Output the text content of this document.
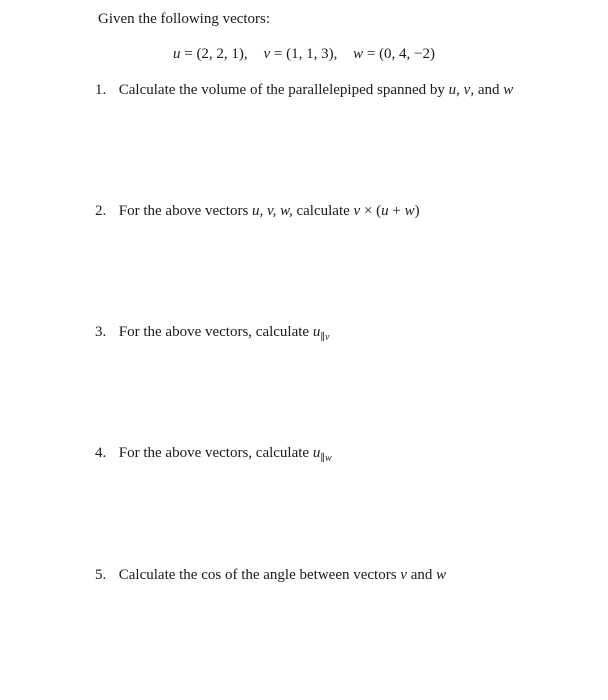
Given the following vectors:
u = (2, 2, 1), v = (1, 1, 3), w = (0, 4, −2)
1. Calculate the volume of the parallelepiped spanned by u, v, and w
2. For the above vectors u, v, w, calculate v × (u + w)
3. For the above vectors, calculate $u_{\parallel v}$
4. For the above vectors, calculate $u_{\parallel w}$
5. Calculate the cos of the angle between vectors v and w
